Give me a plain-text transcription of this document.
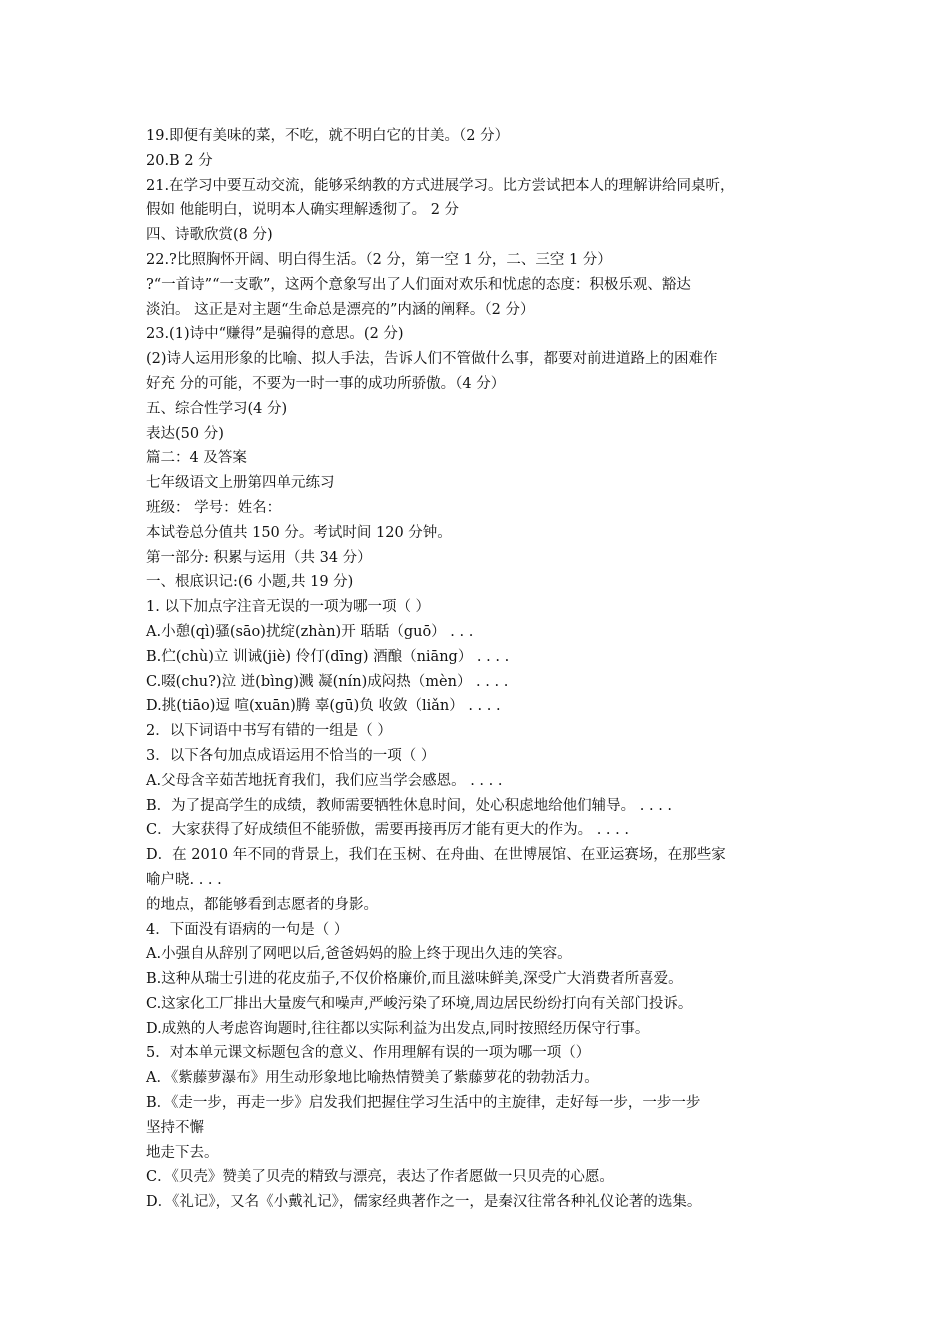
19.即便有美味的菜，不吃，就不明白它的甘美。（2 分）
20.B 2 分
21.在学习中要互动交流，能够采纳教的方式进展学习。比方尝试把本人的理解讲给同桌听，
假如 他能明白，说明本人确实理解透彻了。 2 分
四、诗歌欣赏(8 分)
22.?比照胸怀开阔、明白得生活。（2 分，第一空 1 分，二、三空 1 分）
?“一首诗”“一支歌”，这两个意象写出了人们面对欢乐和忧虑的态度：积极乐观、豁达
淡泊。 这正是对主题“生命总是漂亮的”内涵的阐释。（2 分）
23.(1)诗中“赚得”是骗得的意思。(2 分)
(2)诗人运用形象的比喻、拟人手法，告诉人们不管做什么事，都要对前进道路上的困难作
好充 分的可能，不要为一时一事的成功所骄傲。（4 分）
五、综合性学习(4 分)
表达(50 分)
篇二：4 及答案
七年级语文上册第四单元练习
班级： 学号：姓名：
本试卷总分值共 150 分。考试时间 120 分钟。
第一部分: 积累与运用（共 34 分）
一、根底识记:(6 小题,共 19 分)
1. 以下加点字注音无误的一项为哪一项（ ）
A.小憩(qì)骚(sāo)扰绽(zhàn)开 聒聒（guō） . . .
B.伫(chù)立 训诫(jiè) 伶仃(dīng) 酒酿（niāng） . . . .
C.啜(chu?)泣 迸(bìng)溅 凝(nín)成闷热（mèn） . . . .
D.挑(tiāo)逗 喧(xuān)腾 辜(gū)负 收敛（liǎn） . . . .
2．以下词语中书写有错的一组是（ ）
3．以下各句加点成语运用不恰当的一项（ ）
A.父母含辛茹苦地抚育我们，我们应当学会感恩。 . . . .
B．为了提高学生的成绩，教师需要牺牲休息时间，处心积虑地给他们辅导。 . . . .
C．大家获得了好成绩但不能骄傲，需要再接再厉才能有更大的作为。 . . . .
D．在 2010 年不同的背景上，我们在玉树、在舟曲、在世博展馆、在亚运赛场，在那些家
喻户晓. . . .
的地点，都能够看到志愿者的身影。
4．下面没有语病的一句是（ ）
A.小强自从辞别了网吧以后,爸爸妈妈的脸上终于现出久违的笑容。
B.这种从瑞士引进的花皮茄子,不仅价格廉价,而且滋味鲜美,深受广大消费者所喜爱。
C.这家化工厂排出大量废气和噪声,严峻污染了环境,周边居民纷纷打向有关部门投诉。
D.成熟的人考虑咨询题时,往往都以实际利益为出发点,同时按照经历保守行事。
5．对本单元课文标题包含的意义、作用理解有误的一项为哪一项（）
A．《紫藤萝瀑布》用生动形象地比喻热情赞美了紫藤萝花的勃勃活力。
B．《走一步，再走一步》启发我们把握住学习生活中的主旋律，走好每一步，一步一步
坚持不懈
地走下去。
C．《贝壳》赞美了贝壳的精致与漂亮，表达了作者愿做一只贝壳的心愿。
D．《礼记》，又名《小戴礼记》，儒家经典著作之一，是秦汉往常各种礼仪论著的选集。
